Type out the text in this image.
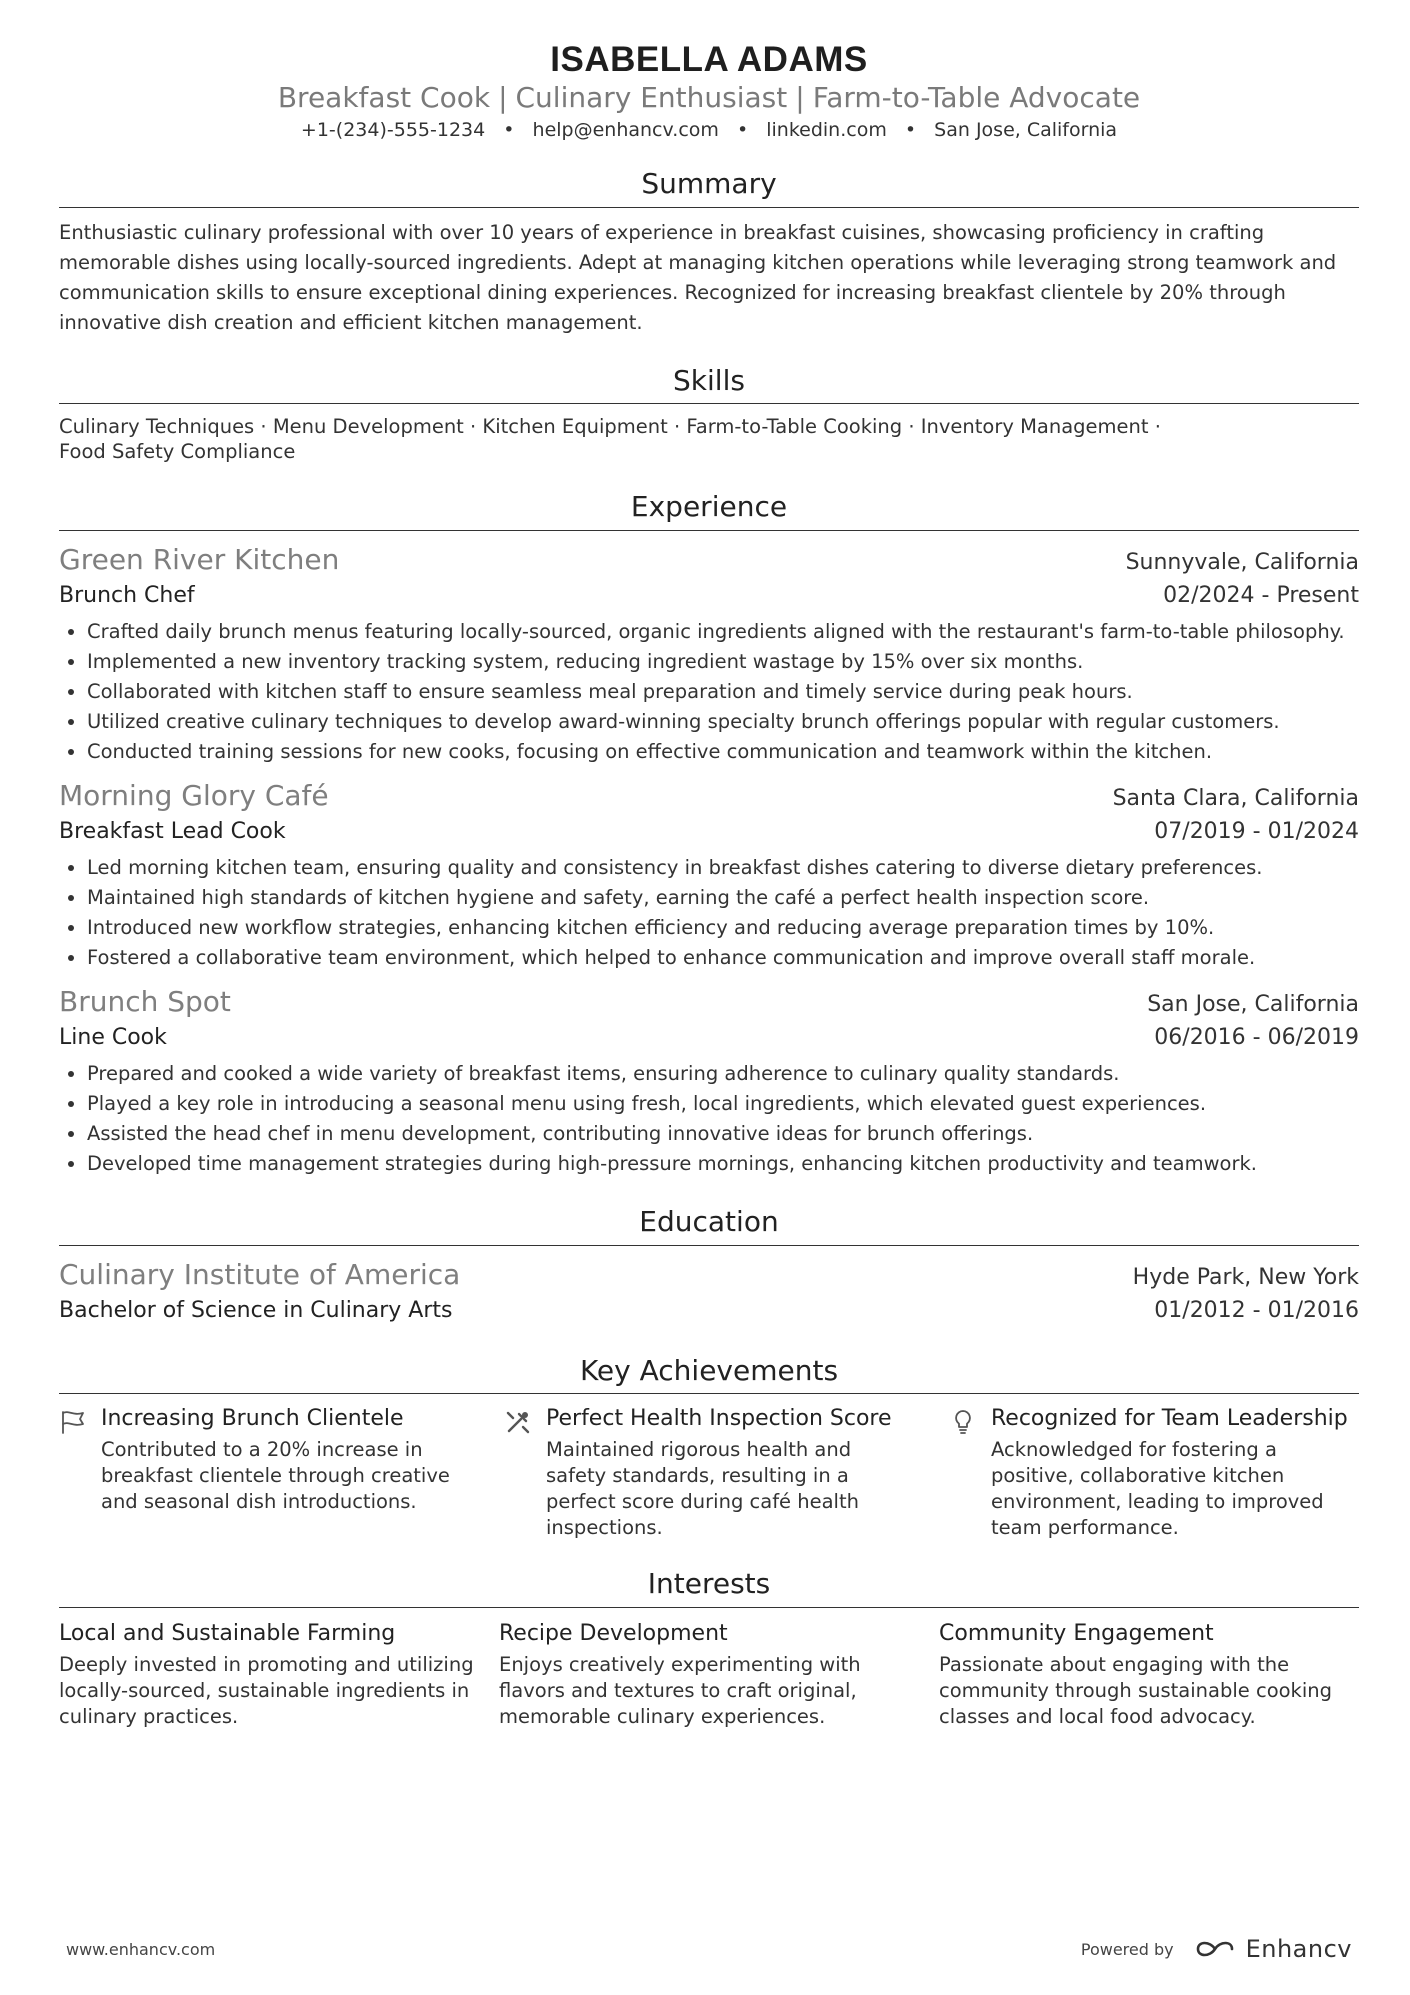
ISABELLA ADAMS
Breakfast Cook | Culinary Enthusiast | Farm-to-Table Advocate
+1-(234)-555-1234 • help@enhancv.com • linkedin.com • San Jose, California
Summary
Enthusiastic culinary professional with over 10 years of experience in breakfast cuisines, showcasing proficiency in crafting memorable dishes using locally-sourced ingredients. Adept at managing kitchen operations while leveraging strong teamwork and communication skills to ensure exceptional dining experiences. Recognized for increasing breakfast clientele by 20% through innovative dish creation and efficient kitchen management.
Skills
Culinary Techniques · Menu Development · Kitchen Equipment · Farm-to-Table Cooking · Inventory Management ·
Food Safety Compliance
Experience
Green River Kitchen	Sunnyvale, California
Brunch Chef	02/2024 - Present
• Crafted daily brunch menus featuring locally-sourced, organic ingredients aligned with the restaurant's farm-to-table philosophy.
• Implemented a new inventory tracking system, reducing ingredient wastage by 15% over six months.
• Collaborated with kitchen staff to ensure seamless meal preparation and timely service during peak hours.
• Utilized creative culinary techniques to develop award-winning specialty brunch offerings popular with regular customers.
• Conducted training sessions for new cooks, focusing on effective communication and teamwork within the kitchen.
Morning Glory Café	Santa Clara, California
Breakfast Lead Cook	07/2019 - 01/2024
• Led morning kitchen team, ensuring quality and consistency in breakfast dishes catering to diverse dietary preferences.
• Maintained high standards of kitchen hygiene and safety, earning the café a perfect health inspection score.
• Introduced new workflow strategies, enhancing kitchen efficiency and reducing average preparation times by 10%.
• Fostered a collaborative team environment, which helped to enhance communication and improve overall staff morale.
Brunch Spot	San Jose, California
Line Cook	06/2016 - 06/2019
• Prepared and cooked a wide variety of breakfast items, ensuring adherence to culinary quality standards.
• Played a key role in introducing a seasonal menu using fresh, local ingredients, which elevated guest experiences.
• Assisted the head chef in menu development, contributing innovative ideas for brunch offerings.
• Developed time management strategies during high-pressure mornings, enhancing kitchen productivity and teamwork.
Education
Culinary Institute of America	Hyde Park, New York
Bachelor of Science in Culinary Arts	01/2012 - 01/2016
Key Achievements
Increasing Brunch Clientele
Contributed to a 20% increase in breakfast clientele through creative and seasonal dish introductions.
Perfect Health Inspection Score
Maintained rigorous health and safety standards, resulting in a perfect score during café health inspections.
Recognized for Team Leadership
Acknowledged for fostering a positive, collaborative kitchen environment, leading to improved team performance.
Interests
Local and Sustainable Farming
Deeply invested in promoting and utilizing locally-sourced, sustainable ingredients in culinary practices.
Recipe Development
Enjoys creatively experimenting with flavors and textures to craft original, memorable culinary experiences.
Community Engagement
Passionate about engaging with the community through sustainable cooking classes and local food advocacy.
www.enhancv.com	Powered by	Enhancv
